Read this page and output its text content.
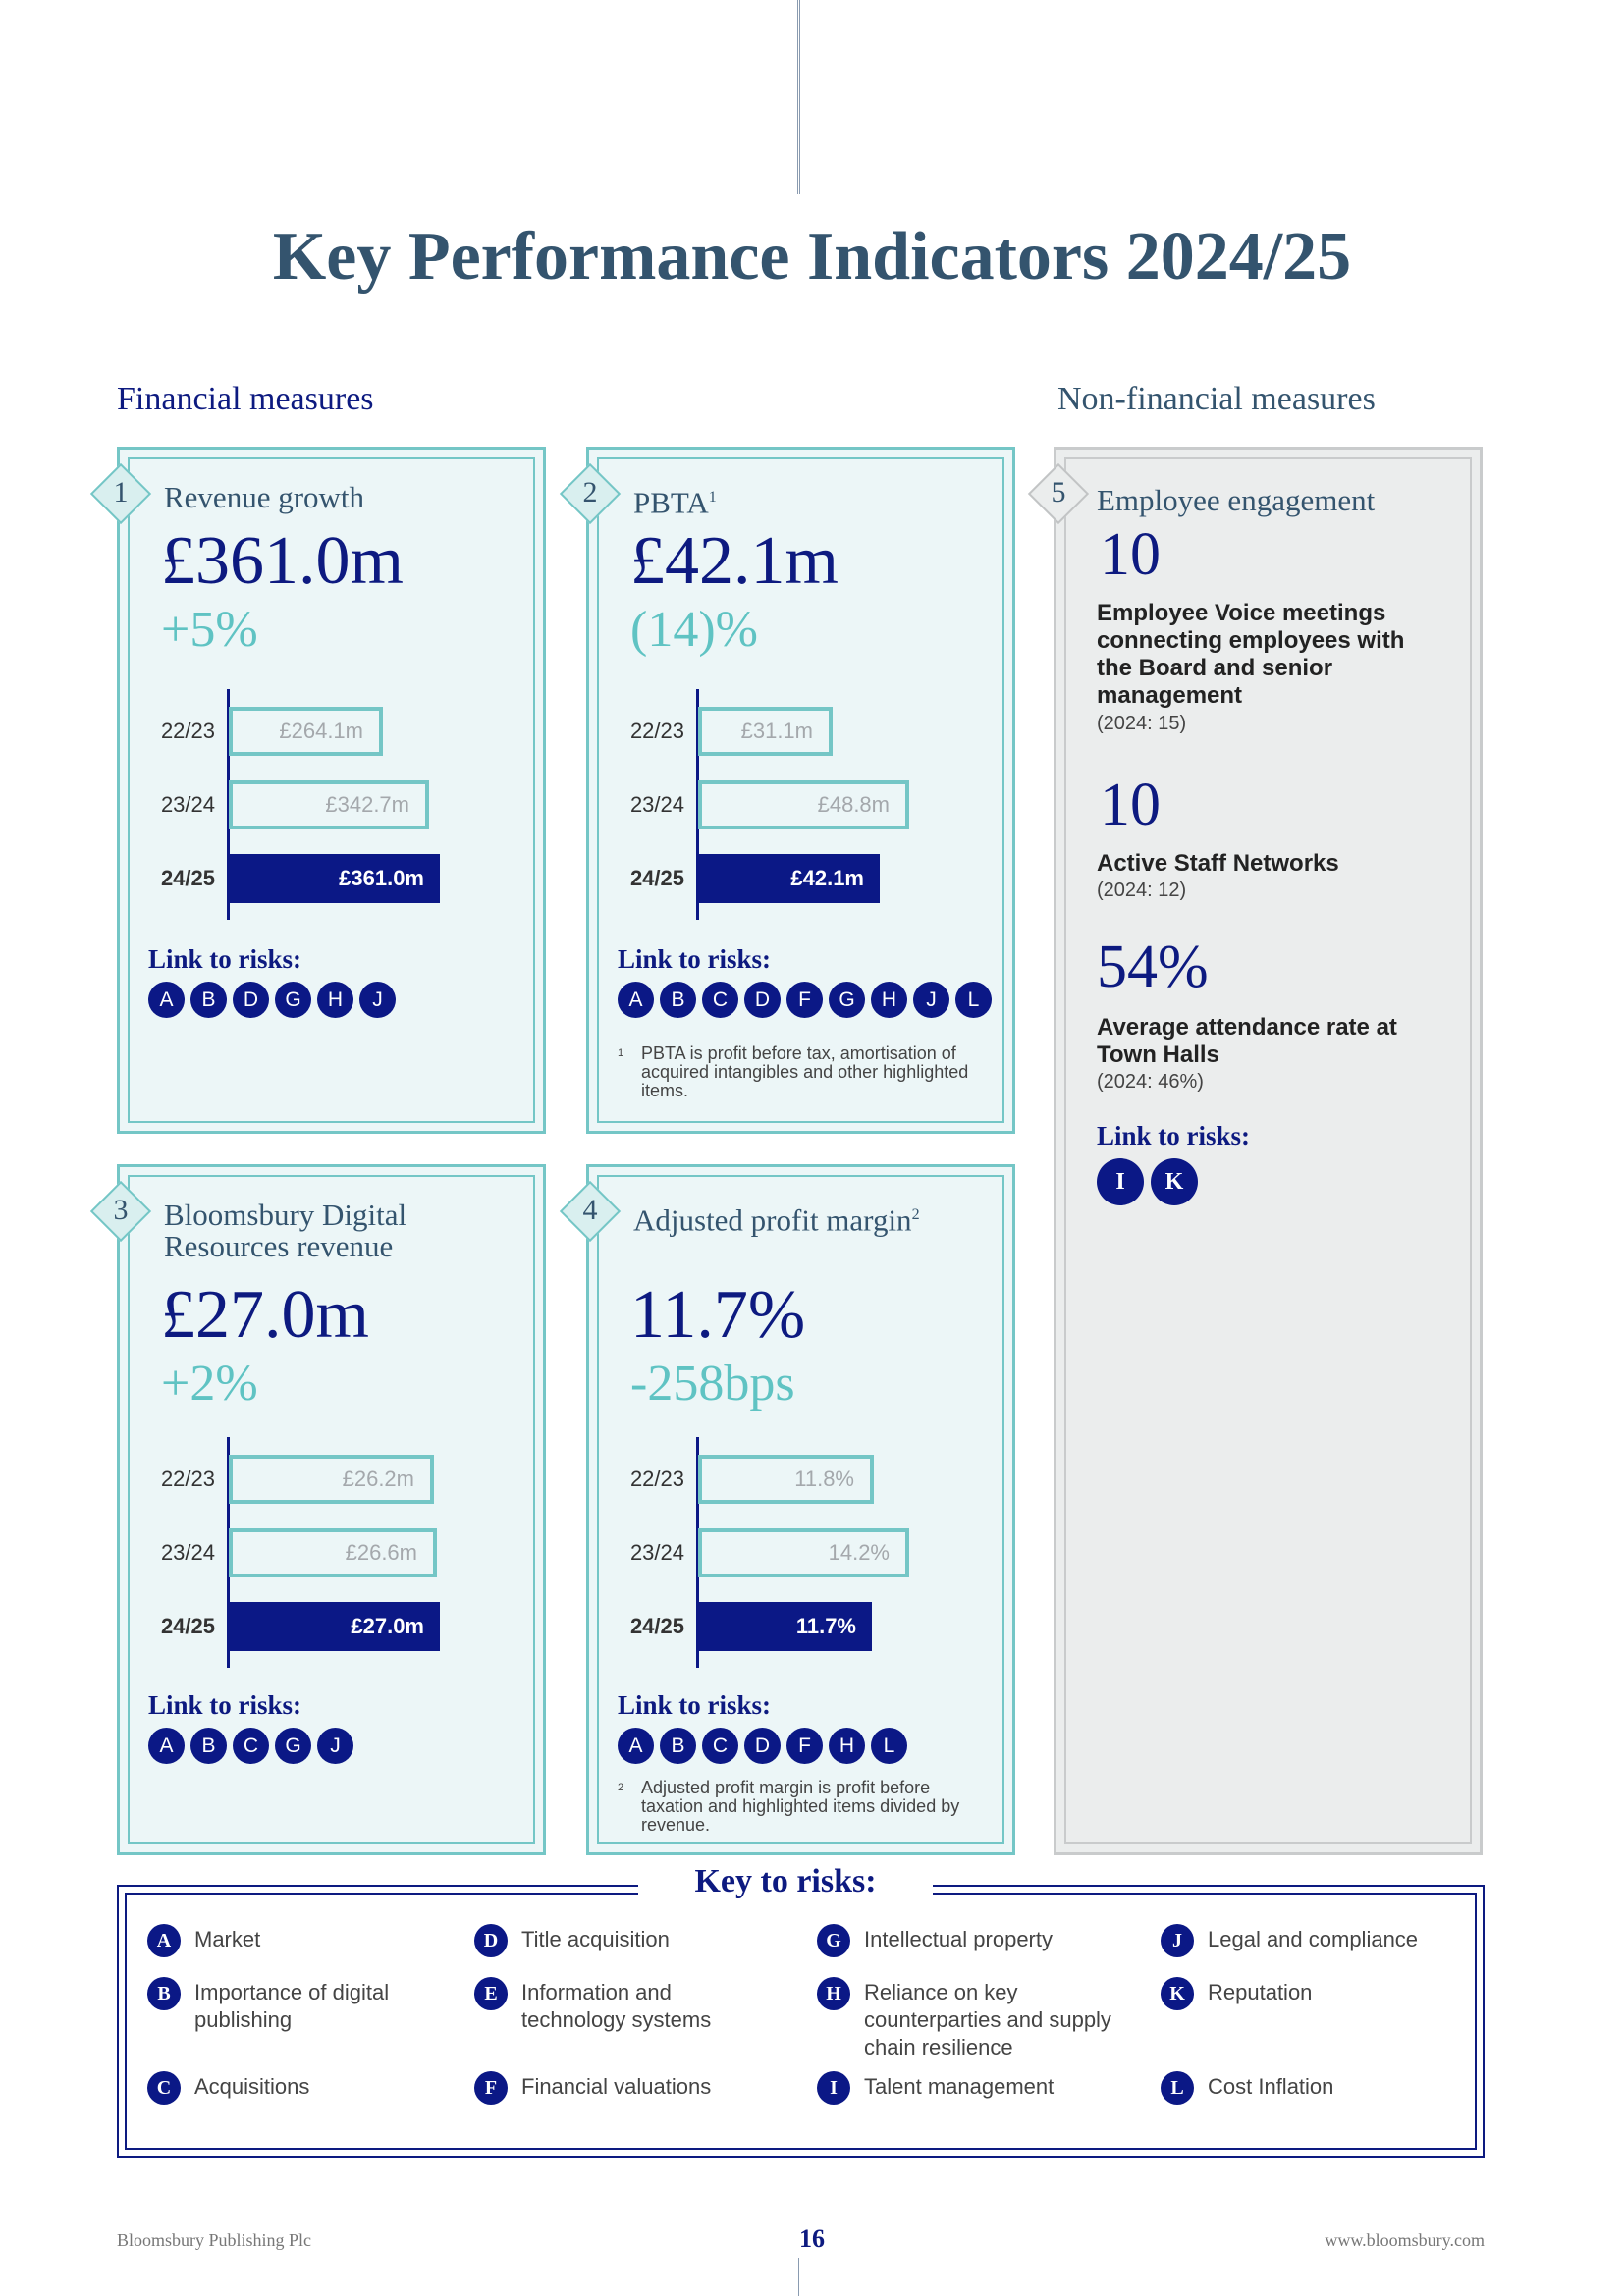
Key Performance Indicators 2024/25
Financial measures	Non-financial measures
1	Revenue growth
£361.0m
+5%
22/23	£264.1m
23/24	£342.7m
24/25	£361.0m
Link to risks:
A	B	D	G	H	J
2	PBTA$^1$
£42.1m
(14)%
22/23	£31.1m
23/24	£48.8m
24/25	£42.1m
Link to risks:
A	B	C	D	F	G	H	J	L
1 PBTA is profit before tax, amortisation of acquired intangibles and other highlighted items.
3	Bloomsbury Digital Resources revenue
£27.0m
+2%
22/23	£26.2m
23/24	£26.6m
24/25	£27.0m
Link to risks:
A	B	C	G	J
4	Adjusted profit margin$^2$
11.7%
-258bps
22/23	11.8%
23/24	14.2%
24/25	11.7%
Link to risks:
A	B	C	D	F	H	L
2 Adjusted profit margin is profit before taxation and highlighted items divided by revenue.
5	Employee engagement
10
Employee Voice meetings connecting employees with the Board and senior management
(2024: 15)
10
Active Staff Networks
(2024: 12)
54%
Average attendance rate at Town Halls
(2024: 46%)
Link to risks:
I	K
Key to risks:
A	Market
B	Importance of digital publishing
C	Acquisitions
D	Title acquisition
E	Information and technology systems
F	Financial valuations
G	Intellectual property
H	Reliance on key counterparties and supply chain resilience
I	Talent management
J	Legal and compliance
K	Reputation
L	Cost Inflation
Bloomsbury Publishing Plc	16	www.bloomsbury.com
